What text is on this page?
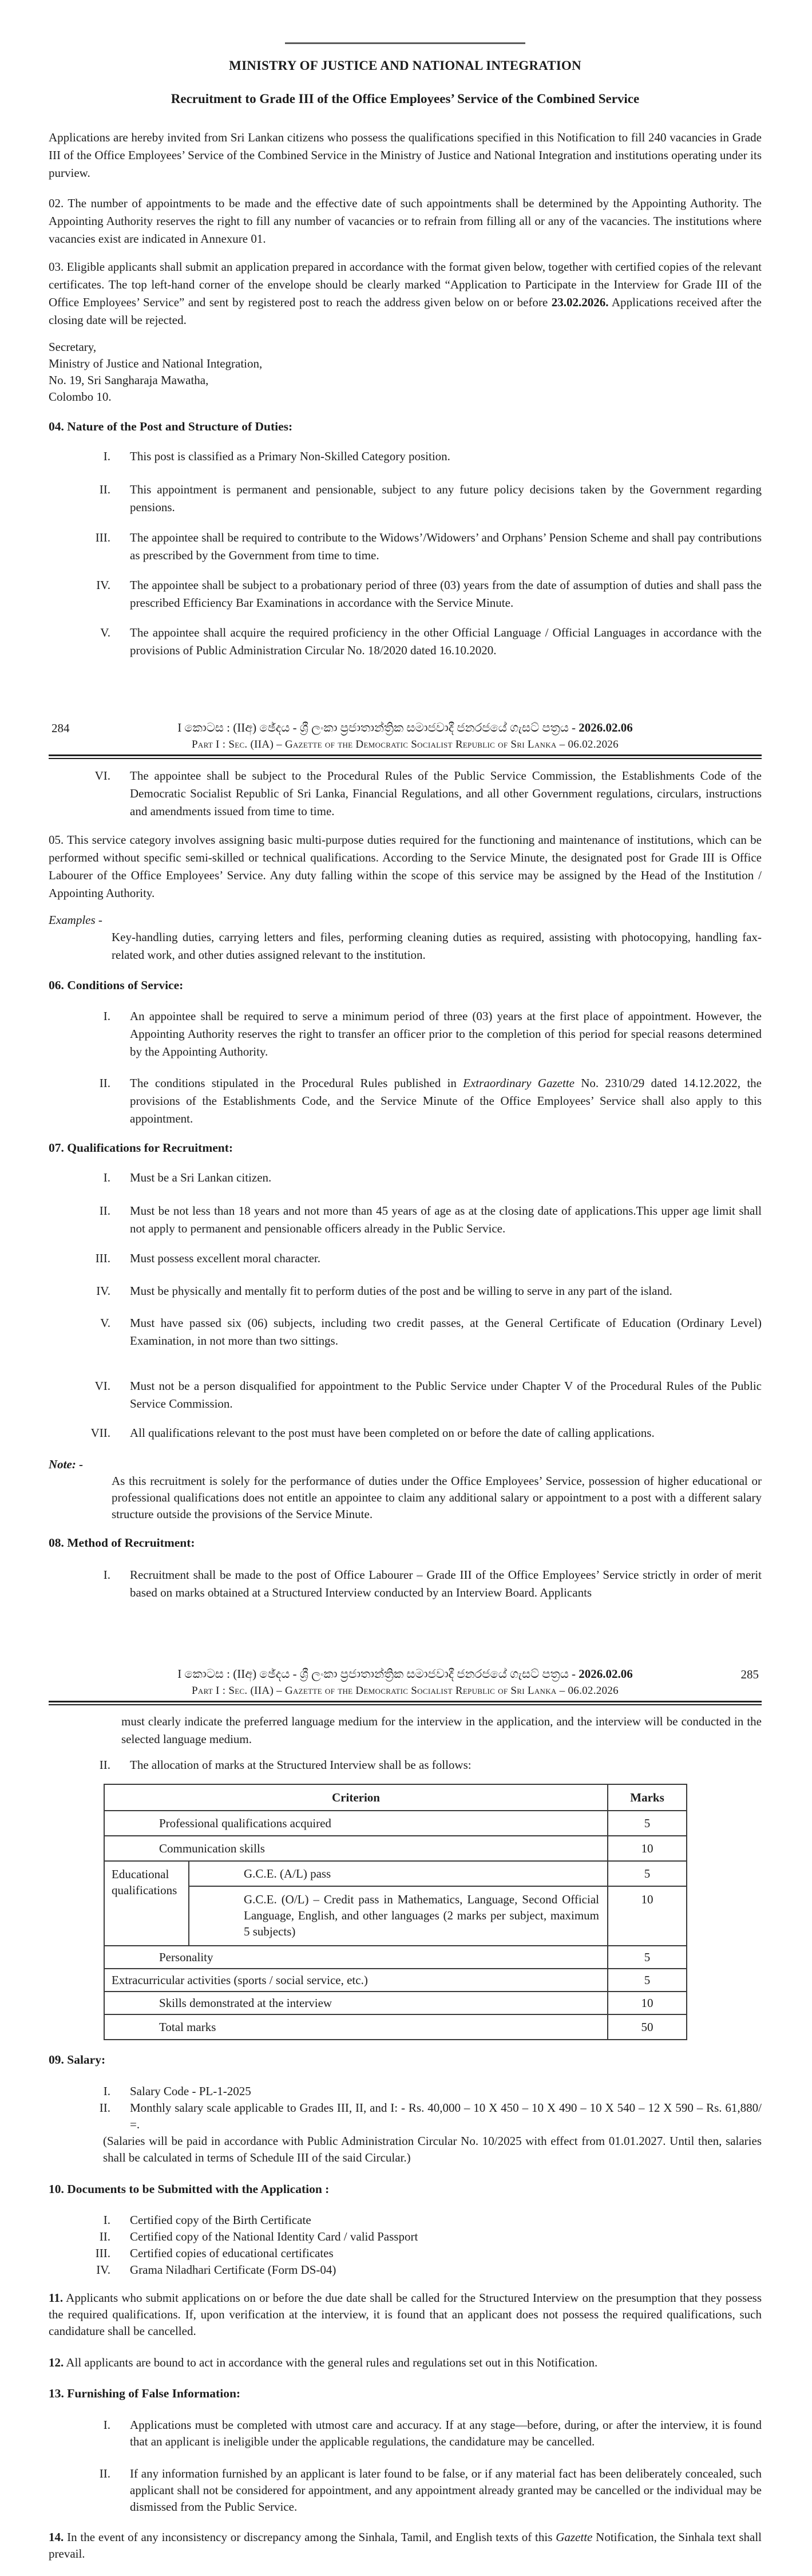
MINISTRY OF JUSTICE AND NATIONAL INTEGRATION
Recruitment to Grade III of the Office Employees’ Service of the Combined Service

Applications are hereby invited from Sri Lankan citizens who possess the qualifications specified in this Notification to fill 240 vacancies in Grade III of the Office Employees’ Service of the Combined Service in the Ministry of Justice and National Integration and institutions operating under its purview.

02. The number of appointments to be made and the effective date of such appointments shall be determined by the Appointing Authority. The Appointing Authority reserves the right to fill any number of vacancies or to refrain from filling all or any of the vacancies. The institutions where vacancies exist are indicated in Annexure 01.

03. Eligible applicants shall submit an application prepared in accordance with the format given below, together with certified copies of the relevant certificates. The top left-hand corner of the envelope should be clearly marked “Application to Participate in the Interview for Grade III of the Office Employees’ Service” and sent by registered post to reach the address given below on or before 23.02.2026. Applications received after the closing date will be rejected.

Secretary,
Ministry of Justice and National Integration,
No. 19, Sri Sangharaja Mawatha,
Colombo 10.
04. Nature of the Post and Structure of Duties:
I.	This post is classified as a Primary Non-Skilled Category position.
II.	This appointment is permanent and pensionable, subject to any future policy decisions taken by the Government regarding pensions.
III.	The appointee shall be required to contribute to the Widows’/Widowers’ and Orphans’ Pension Scheme and shall pay contributions as prescribed by the Government from time to time.
IV.	The appointee shall be subject to a probationary period of three (03) years from the date of assumption of duties and shall pass the prescribed Efficiency Bar Examinations in accordance with the Service Minute.
V.	The appointee shall acquire the required proficiency in the other Official Language / Official Languages in accordance with the provisions of Public Administration Circular No. 18/2020 dated 16.10.2020.
284	I කොටස : (IIඅ) ඡේදය - ශ්‍රී ලංකා ප්‍රජාතාන්ත්‍රික සමාජවාදී ජනරජයේ ගැසට් පත්‍රය - 2026.02.06
Part I : Sec. (IIA) – Gazette of the Democratic Socialist Republic of Sri Lanka – 06.02.2026
VI.	The appointee shall be subject to the Procedural Rules of the Public Service Commission, the Establishments Code of the Democratic Socialist Republic of Sri Lanka, Financial Regulations, and all other Government regulations, circulars, instructions and amendments issued from time to time.

05. This service category involves assigning basic multi-purpose duties required for the functioning and maintenance of institutions, which can be performed without specific semi-skilled or technical qualifications. According to the Service Minute, the designated post for Grade III is Office Labourer of the Office Employees’ Service. Any duty falling within the scope of this service may be assigned by the Head of the Institution / Appointing Authority.

Examples -
Key-handling duties, carrying letters and files, performing cleaning duties as required, assisting with photocopying, handling fax-related work, and other duties assigned relevant to the institution.
06. Conditions of Service:
I.	An appointee shall be required to serve a minimum period of three (03) years at the first place of appointment. However, the Appointing Authority reserves the right to transfer an officer prior to the completion of this period for special reasons determined by the Appointing Authority.
II.	The conditions stipulated in the Procedural Rules published in Extraordinary Gazette No. 2310/29 dated 14.12.2022, the provisions of the Establishments Code, and the Service Minute of the Office Employees’ Service shall also apply to this appointment.
07. Qualifications for Recruitment:
I.	Must be a Sri Lankan citizen.
II.	Must be not less than 18 years and not more than 45 years of age as at the closing date of applications.This upper age limit shall not apply to permanent and pensionable officers already in the Public Service.
III.	Must possess excellent moral character.
IV.	Must be physically and mentally fit to perform duties of the post and be willing to serve in any part of the island.
V.	Must have passed six (06) subjects, including two credit passes, at the General Certificate of Education (Ordinary Level) Examination, in not more than two sittings.
VI.	Must not be a person disqualified for appointment to the Public Service under Chapter V of the Procedural Rules of the Public Service Commission.
VII.	All qualifications relevant to the post must have been completed on or before the date of calling applications.
Note: -
As this recruitment is solely for the performance of duties under the Office Employees’ Service, possession of higher educational or professional qualifications does not entitle an appointee to claim any additional salary or appointment to a post with a different salary structure outside the provisions of the Service Minute.
08. Method of Recruitment:
I.	Recruitment shall be made to the post of Office Labourer – Grade III of the Office Employees’ Service strictly in order of merit based on marks obtained at a Structured Interview conducted by an Interview Board. Applicants
285
I කොටස : (IIඅ) ඡේදය - ශ්‍රී ලංකා ප්‍රජාතාන්ත්‍රික සමාජවාදී ජනරජයේ ගැසට් පත්‍රය - 2026.02.06
Part I : Sec. (IIA) – Gazette of the Democratic Socialist Republic of Sri Lanka – 06.02.2026
must clearly indicate the preferred language medium for the interview in the application, and the interview will be conducted in the selected language medium.
II.	The allocation of marks at the Structured Interview shall be as follows:
Criterion		Marks
Professional qualifications acquired		5
Communication skills		10
Educational qualifications	G.C.E. (A/L) pass	5
	G.C.E. (O/L) – Credit pass in Mathematics, Language, Second Official Language, English, and other languages (2 marks per subject, maximum 5 subjects)	10
Personality		5
Extracurricular activities (sports / social service, etc.)		5
Skills demonstrated at the interview		10
Total marks		50
09. Salary:
I.	Salary Code - PL-1-2025
II.	Monthly salary scale applicable to Grades III, II, and I: - Rs. 40,000 – 10 X 450 – 10 X 490 – 10 X 540 – 12 X 590 – Rs. 61,880/ =.
(Salaries will be paid in accordance with Public Administration Circular No. 10/2025 with effect from 01.01.2027. Until then, salaries shall be calculated in terms of Schedule III of the said Circular.)
10. Documents to be Submitted with the Application :
I.	Certified copy of the Birth Certificate
II.	Certified copy of the National Identity Card / valid Passport
III.	Certified copies of educational certificates
IV.	Grama Niladhari Certificate (Form DS-04)

11. Applicants who submit applications on or before the due date shall be called for the Structured Interview on the presumption that they possess the required qualifications. If, upon verification at the interview, it is found that an applicant does not possess the required qualifications, such candidature shall be cancelled.

12. All applicants are bound to act in accordance with the general rules and regulations set out in this Notification.

13. Furnishing of False Information:
I.	Applications must be completed with utmost care and accuracy. If at any stage—before, during, or after the interview, it is found that an applicant is ineligible under the applicable regulations, the candidature may be cancelled.
II.	If any information furnished by an applicant is later found to be false, or if any material fact has been deliberately concealed, such applicant shall not be considered for appointment, and any appointment already granted may be cancelled or the individual may be dismissed from the Public Service.

14. In the event of any inconsistency or discrepancy among the Sinhala, Tamil, and English texts of this Gazette Notification, the Sinhala text shall prevail.
